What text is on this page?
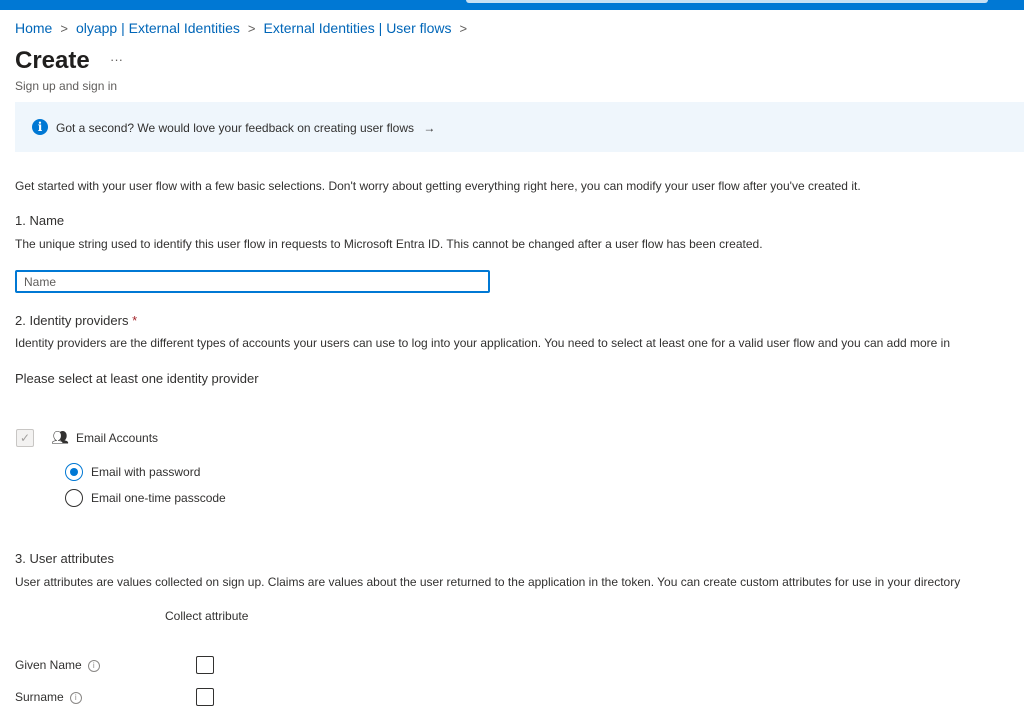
Home > olyapp | External Identities > External Identities | User flows >
Create ···
Sign up and sign in
i	Got a second? We would love your feedback on creating user flows →
Get started with your user flow with a few basic selections. Don't worry about getting everything right here, you can modify your user flow after you've created it.
1. Name
The unique string used to identify this user flow in requests to Microsoft Entra ID. This cannot be changed after a user flow has been created.
Name
2. Identity providers *
Identity providers are the different types of accounts your users can use to log into your application. You need to select at least one for a valid user flow and you can add more in
Please select at least one identity provider
✓ 👥︎ Email Accounts
Email with password
Email one-time passcode
3. User attributes
User attributes are values collected on sign up. Claims are values about the user returned to the application in the token. You can create custom attributes for use in your directory
Collect attribute
Given Name i
Surname i
